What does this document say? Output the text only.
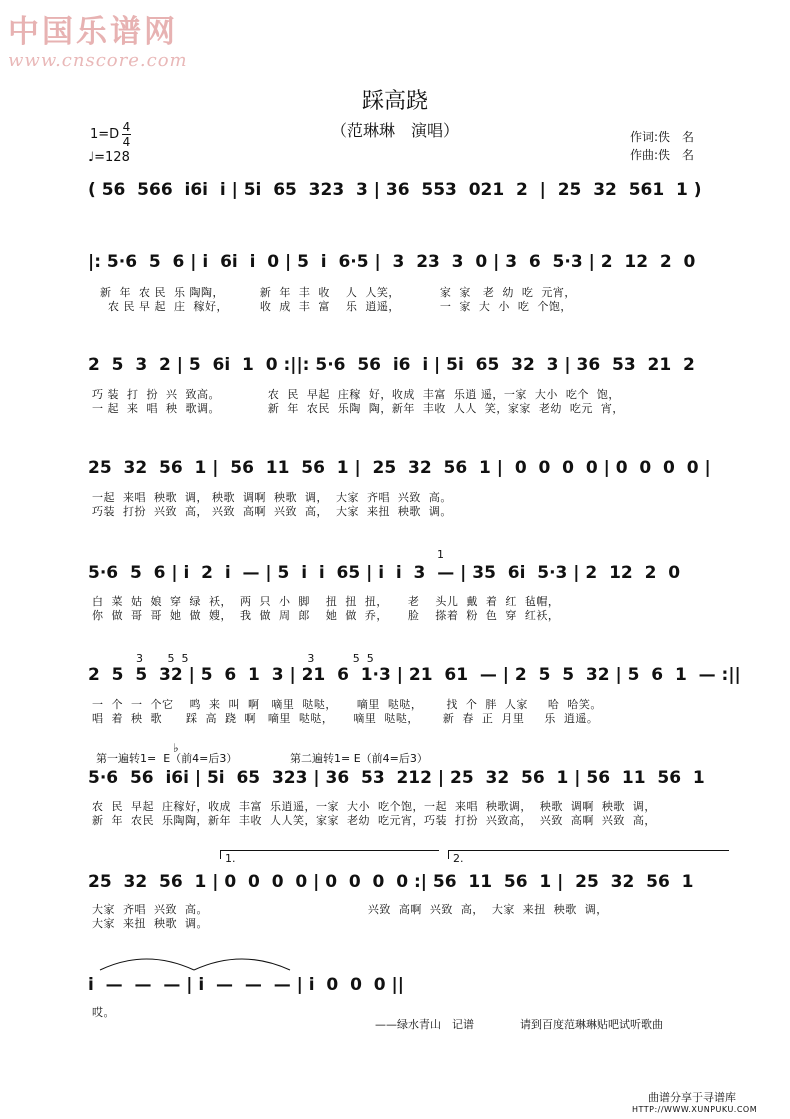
中国乐谱网
www.cnscore.com
踩高跷
（范琳琳　演唱）
1=D 4
4
♩=128
作词:佚　名
作曲:佚　名
( 56  566  i6i  i | 5i  65  323  3 | 36  553  021  2  |  25  32  561  1 )
|: 5·6  5  6 | i  6i  i  0 | 5  i  6·5 |  3  23  3  0 | 3  6  5·3 | 2  12  2  0
新  年  农 民  乐 陶陶，         新  年  丰  收    人  人笑，          家  家   老  幼  吃  元宵，
农 民 早 起  庄  稼好，        收  成  丰  富    乐  逍遥，          一  家  大  小  吃  个饱，
2  5  3  2 | 5  6i  1  0 :||: 5·6  56  i6  i | 5i  65  32  3 | 36  53  21  2
巧 装  打  扮  兴  致高。            农  民  早起  庄稼  好，收成  丰富  乐逍 遥，一家  大小  吃个  饱，
一 起  来  唱  秧  歌调。            新  年  农民  乐陶  陶，新年  丰收  人人  笑，家家  老幼  吃元  宵，
25  32  56  1 |  56  11  56  1 |  25  32  56  1 |  0  0  0  0 | 0  0  0  0 |
一起  来唱  秧歌  调， 秧歌  调啊  秧歌  调，  大家  齐唱  兴致  高。
巧装  打扮  兴致  高， 兴致  高啊  兴致  高，  大家  来扭  秧歌  调。
1
5·6  5  6 | i  2  i  — | 5  i  i  65 | i  i  3  — | 35  6i  5·3 | 2  12  2  0
白  菜  姑  娘  穿  绿  袄，  两  只  小  脚    扭  扭  扭，     老    头儿  戴  着  红  毡帽，
你  做  哥  哥  她  做  嫂，  我  做  周  郎    她  做  乔，     脸    搽着  粉  色  穿  红袄，
3       5  5                                  3           5  5
2  5  5  32 | 5  6  1  3 | 21  6  1·3 | 21  61  — | 2  5  5  32 | 5  6  1  — :||
一  个  一  个它    鸣  来  叫  啊   嘀里  哒哒，     嘀里  哒哒，      找  个  胖  人家     哈  哈笑。
唱  着  秧  歌      踩  高  跷  啊   嘀里  哒哒，     嘀里  哒哒，      新  春  正  月里     乐  逍遥。
第一遍转1=  E（前4=后3）
♭
第二遍转1= E（前4=后3）
5·6  56  i6i | 5i  65  323 | 36  53  212 | 25  32  56  1 | 56  11  56  1
农  民  早起  庄稼好，收成  丰富  乐逍遥，一家  大小  吃个饱，一起  来唱  秧歌调，  秧歌  调啊  秧歌  调，
新  年  农民  乐陶陶，新年  丰收  人人笑，家家  老幼  吃元宵，巧装  打扮  兴致高，  兴致  高啊  兴致  高，
1.	2.
25  32  56  1 | 0  0  0  0 | 0  0  0  0 :| 56  11  56  1 |  25  32  56  1
大家  齐唱  兴致  高。                                        兴致  高啊  兴致  高，  大家  来扭  秧歌  调，
大家  来扭  秧歌  调。
i  —  —  — | i  —  —  — | i  0  0  0 ||
哎。
——绿水青山　记谱	请到百度范琳琳贴吧试听歌曲
曲谱分享于寻谱库
HTTP://WWW.XUNPUKU.COM
